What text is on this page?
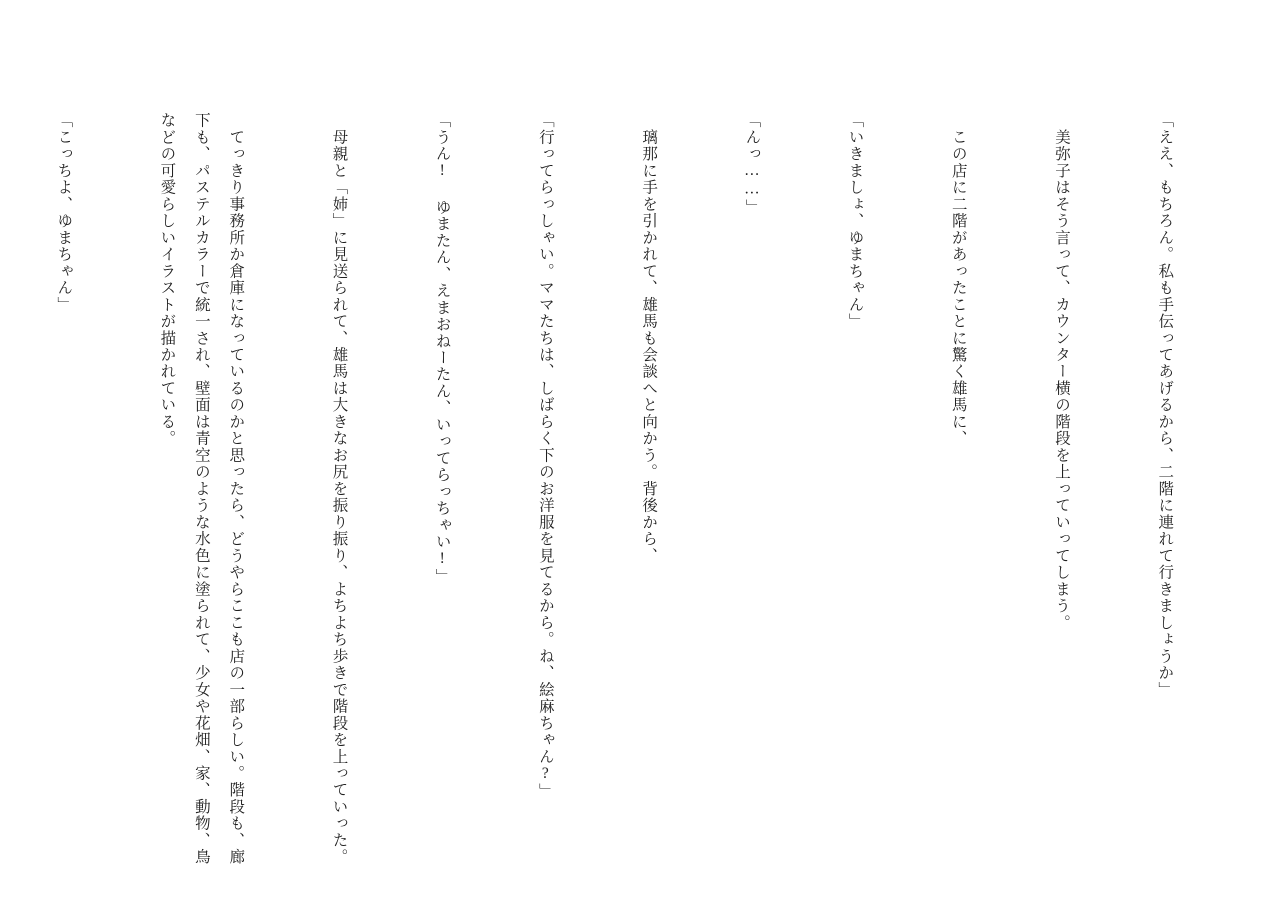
「ええ、もちろん。私も手伝ってあげるから、二階に連れて行きましょうか」

　美弥子はそう言って、カウンター横の階段を上っていってしまう。

　この店に二階があったことに驚く雄馬に、

「いきましょ、ゆまちゃん」

「んっ……」

　璃那に手を引かれて、雄馬も会談へと向かう。背後から、

「行ってらっしゃい。ママたちは、しばらく下のお洋服を見てるから。ね、絵麻ちゃん?」

「うん! ゆまたん、えまおねーたん、いってらっちゃい!」

　母親と「姉」に見送られて、雄馬は大きなお尻を振り振り、よちよち歩きで階段を上っていった。

　てっきり事務所か倉庫になっているのかと思ったら、どうやらここも店の一部らしい。階段も、廊下も、パステルカラーで統一され、壁面は青空のような水色に塗られて、少女や花畑、家、動物、鳥などの可愛らしいイラストが描かれている。

「こっちよ、ゆまちゃん」
